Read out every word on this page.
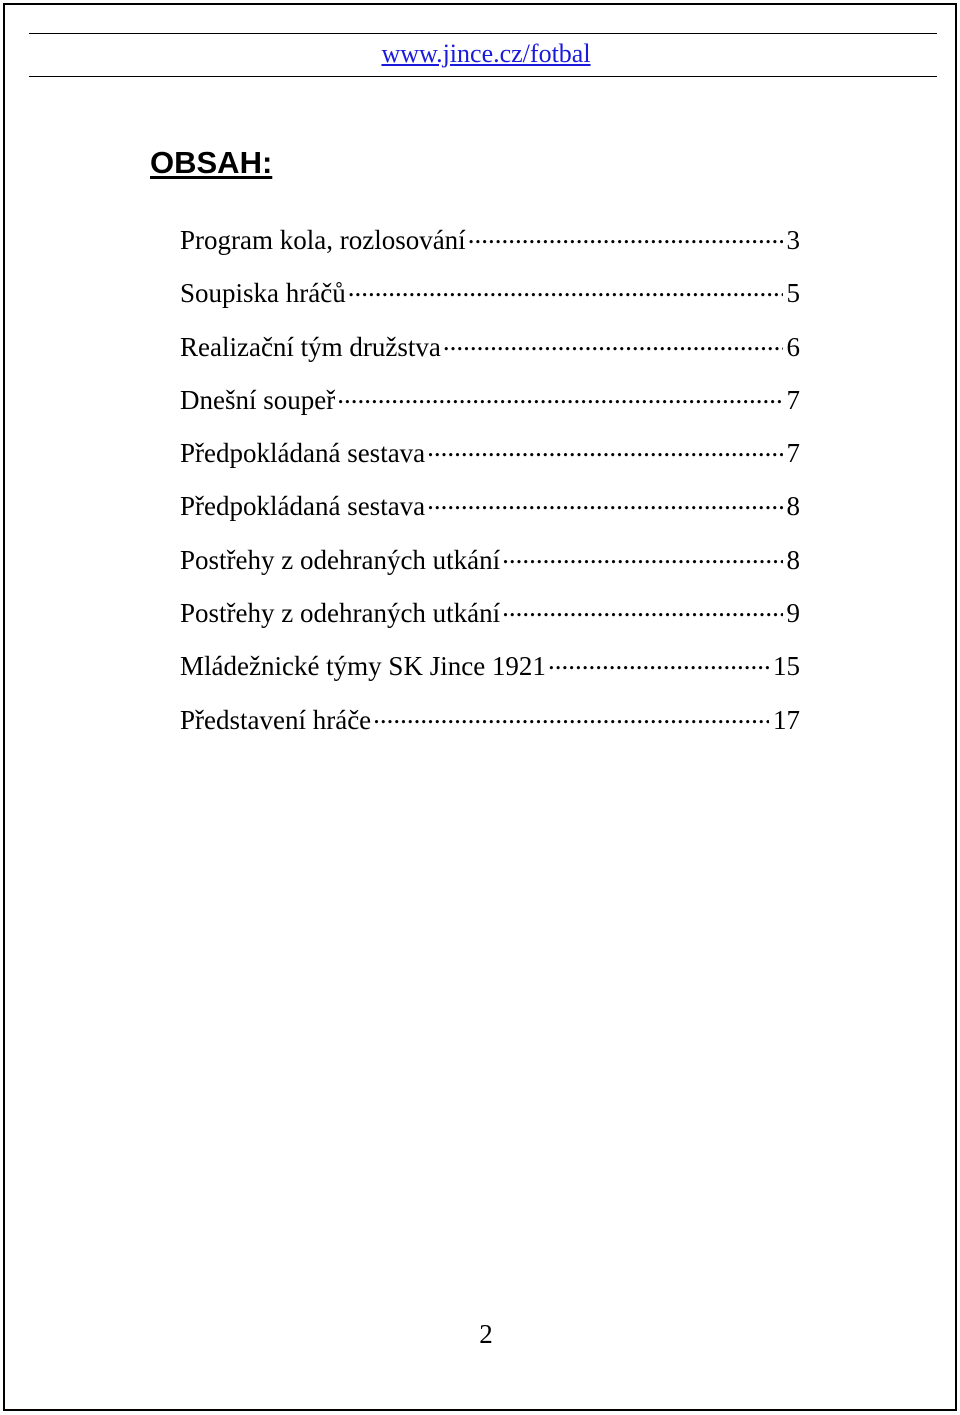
www.jince.cz/fotbal
OBSAH:
Program kola, rozlosování .....	3
Soupiska hráčů .....	5
Realizační tým družstva .....	6
Dnešní soupeř .....	7
Předpokládaná sestava .....	7
Předpokládaná sestava .....	8
Postřehy z odehraných utkání .....	8
Postřehy z odehraných utkání .....	9
Mládežnické týmy SK Jince 1921 .....	15
Představení hráče .....	17
2
